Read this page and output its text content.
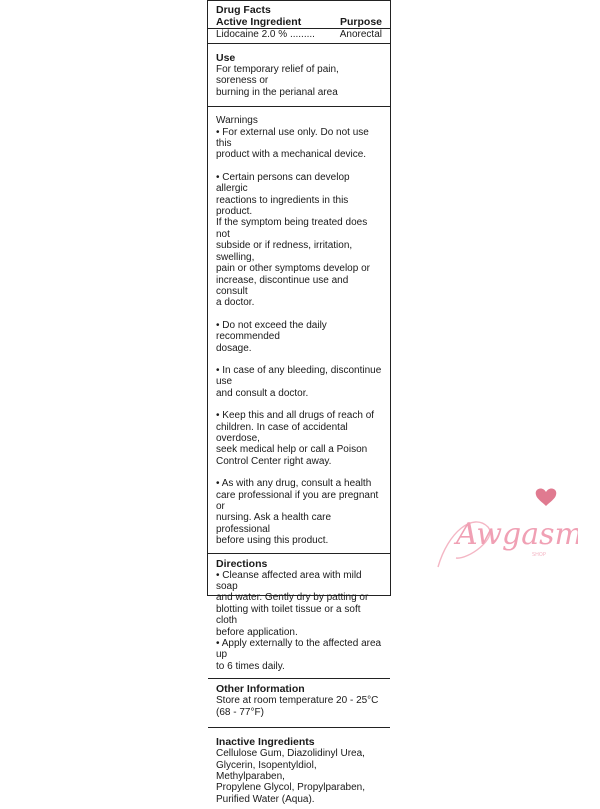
Drug Facts
Active Ingredient	Purpose
Lidocaine 2.0 % ......... Anorectal
Use

For temporary relief of pain, soreness or

burning in the perianal area

Warnings
• For external use only. Do not use this
product with a mechanical device.
• Certain persons can develop allergic
reactions to ingredients in this product.
If the symptom being treated does not
subside or if redness, irritation, swelling,
pain or other symptoms develop or
increase, discontinue use and consult
a doctor.
• Do not exceed the daily recommended
dosage.
• In case of any bleeding, discontinue use
and consult a doctor.
• Keep this and all drugs of reach of
children. In case of accidental overdose,
seek medical help or call a Poison
Control Center right away.
• As with any drug, consult a health
care professional if you are pregnant or
nursing. Ask a health care professional
before using this product.
Directions
• Cleanse affected area with mild soap
and water. Gently dry by patting or
blotting with toilet tissue or a soft cloth
before application.
• Apply externally to the affected area up
to 6 times daily.
Other Information
Store at room temperature 20 - 25°C
(68 - 77°F)
Inactive Ingredients
Cellulose Gum, Diazolidinyl Urea,
Glycerin, Isopentyldiol, Methylparaben,
Propylene Glycol, Propylparaben,
Purified Water (Aqua).
Awgasm
SHOP
